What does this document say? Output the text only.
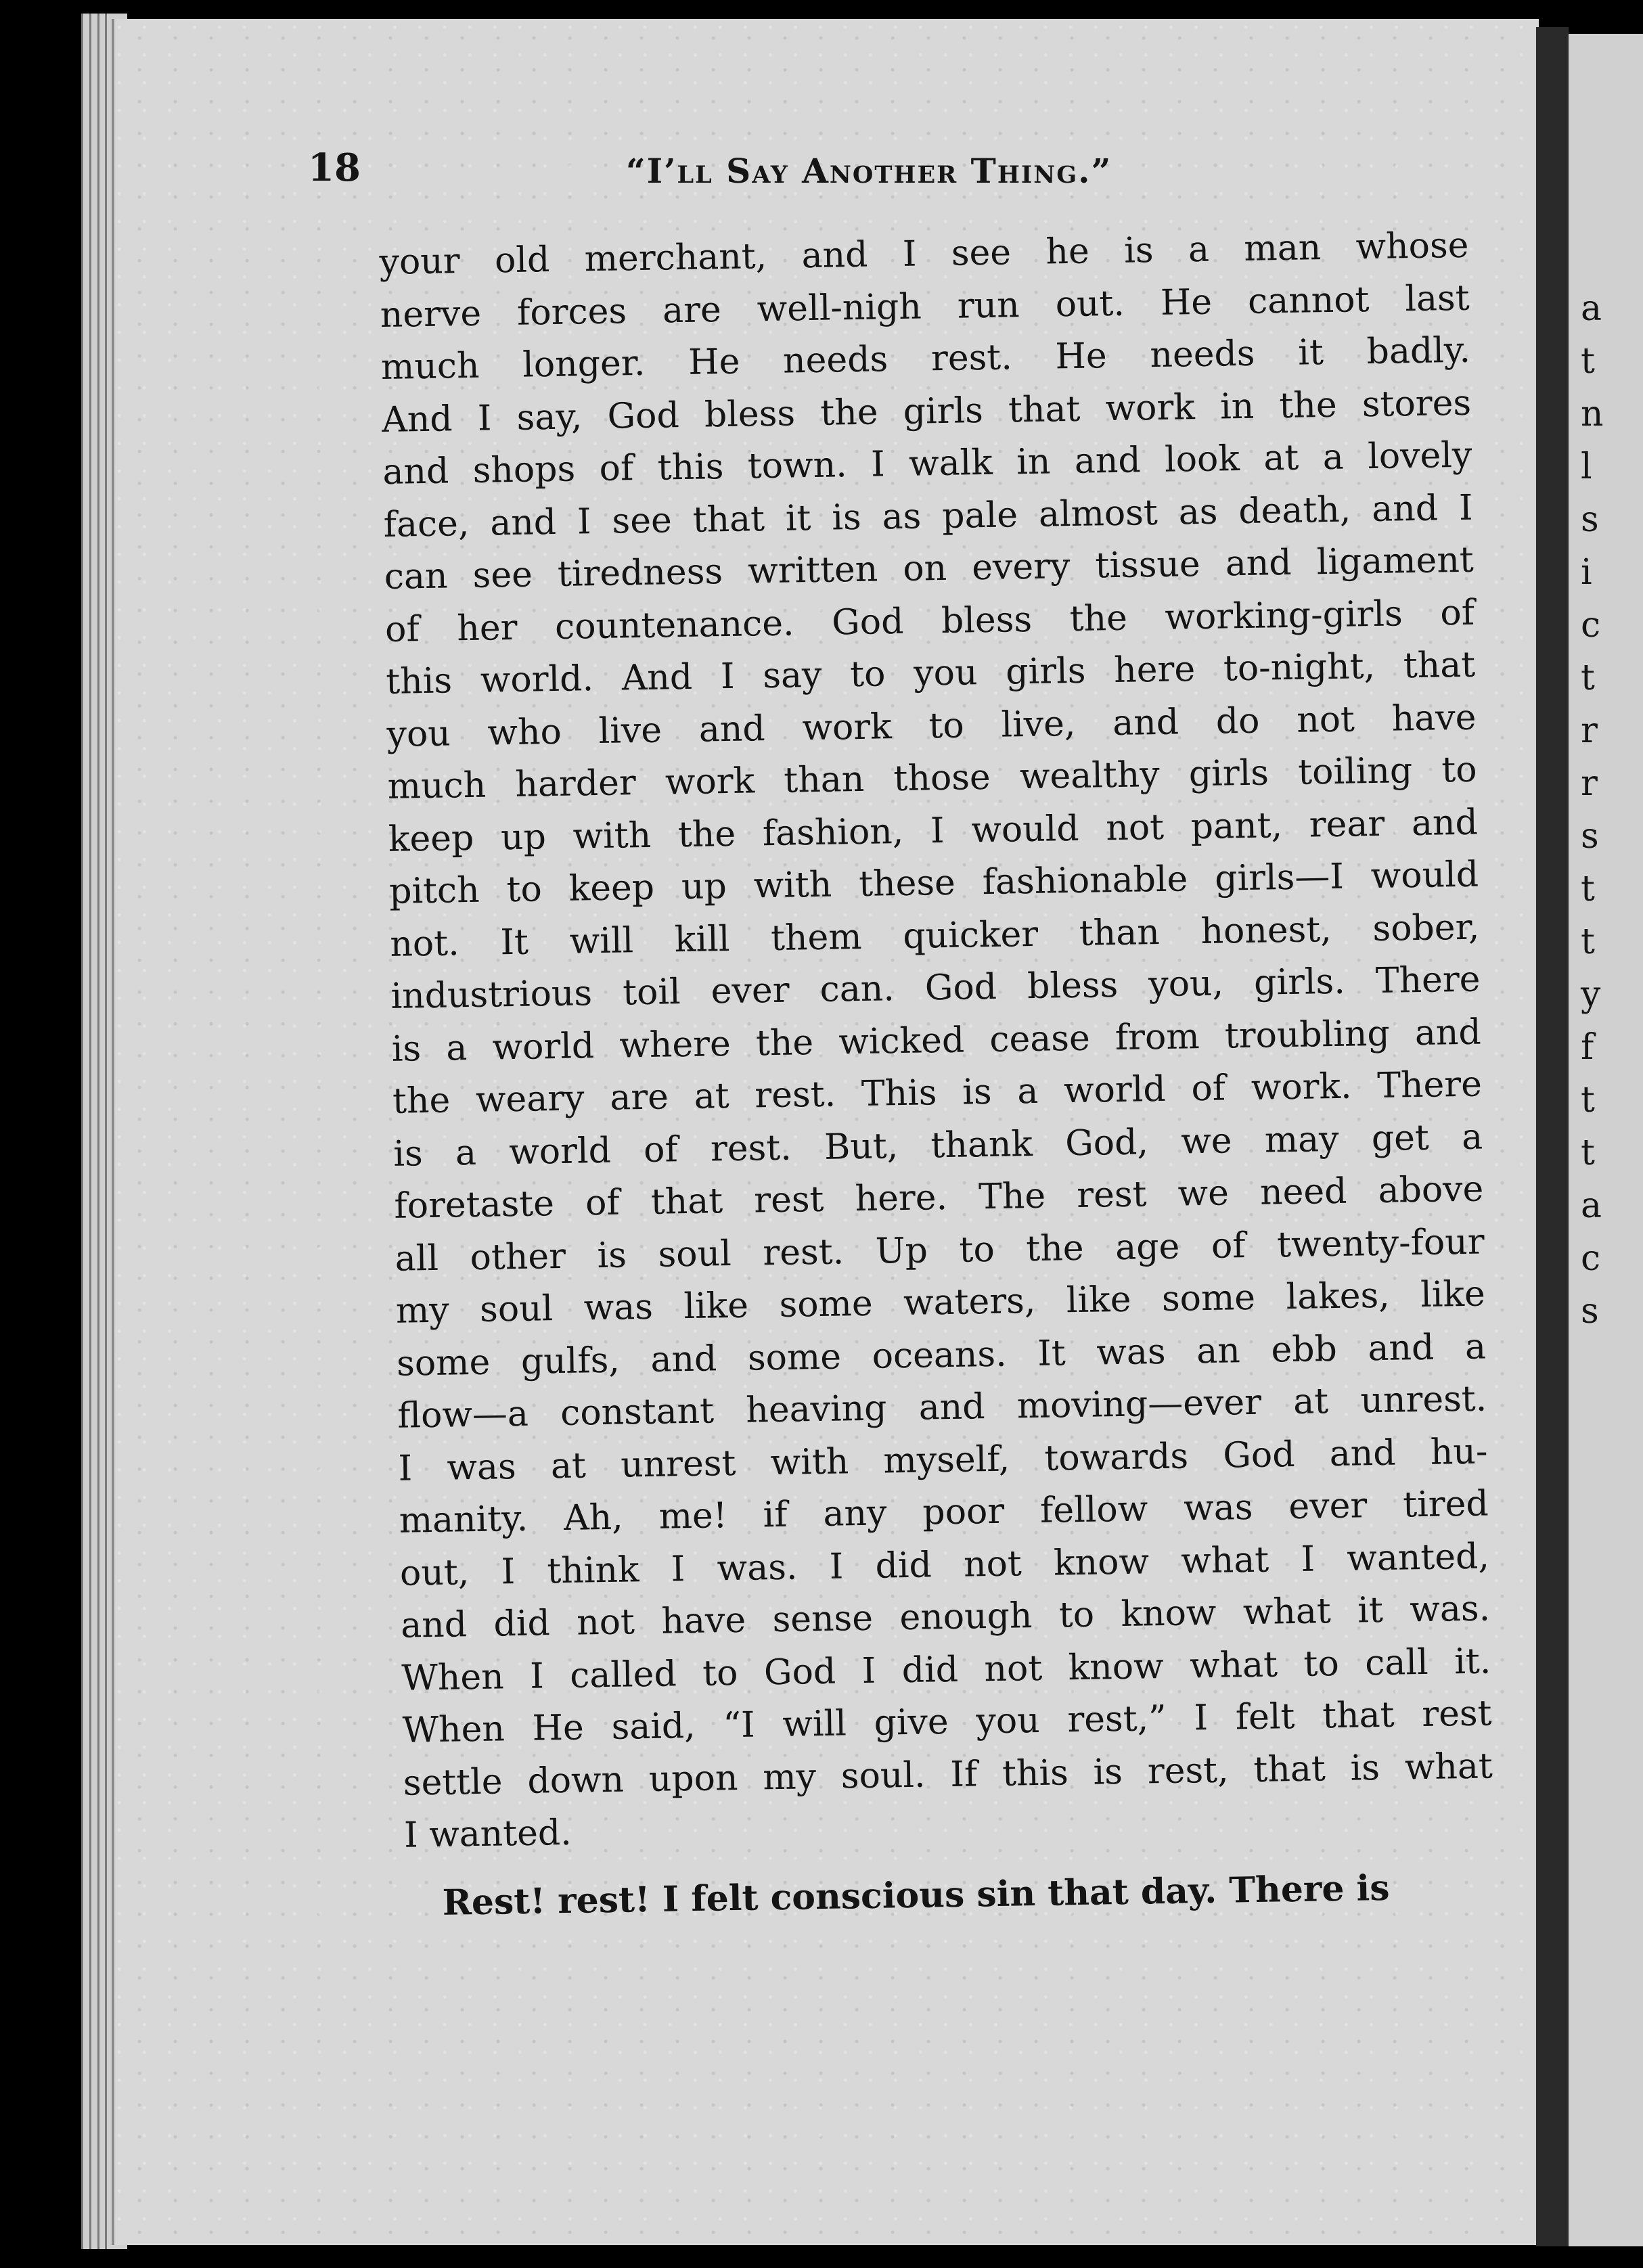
18	“I’ll Say Another Thing.”
your old merchant, and I see he is a man whose
nerve forces are well-nigh run out. He cannot last
much longer. He needs rest. He needs it badly.
And I say, God bless the girls that work in the stores
and shops of this town. I walk in and look at a lovely
face, and I see that it is as pale almost as death, and I
can see tiredness written on every tissue and ligament
of her countenance. God bless the working-girls of
this world. And I say to you girls here to-night, that
you who live and work to live, and do not have
much harder work than those wealthy girls toiling to
keep up with the fashion, I would not pant, rear and
pitch to keep up with these fashionable girls—I would
not. It will kill them quicker than honest, sober,
industrious toil ever can. God bless you, girls. There
is a world where the wicked cease from troubling and
the weary are at rest. This is a world of work. There
is a world of rest. But, thank God, we may get a
foretaste of that rest here. The rest we need above
all other is soul rest. Up to the age of twenty-four
my soul was like some waters, like some lakes, like
some gulfs, and some oceans. It was an ebb and a
flow—a constant heaving and moving—ever at unrest.
I was at unrest with myself, towards God and hu-
manity. Ah, me! if any poor fellow was ever tired
out, I think I was. I did not know what I wanted,
and did not have sense enough to know what it was.
When I called to God I did not know what to call it.
When He said, “I will give you rest,” I felt that rest
settle down upon my soul. If this is rest, that is what
I wanted.
Rest! rest! I felt conscious sin that day. There is
a
t
n
l
s
i
c
t
r
r
s
t
t
y
f
t
t
a
c
s
